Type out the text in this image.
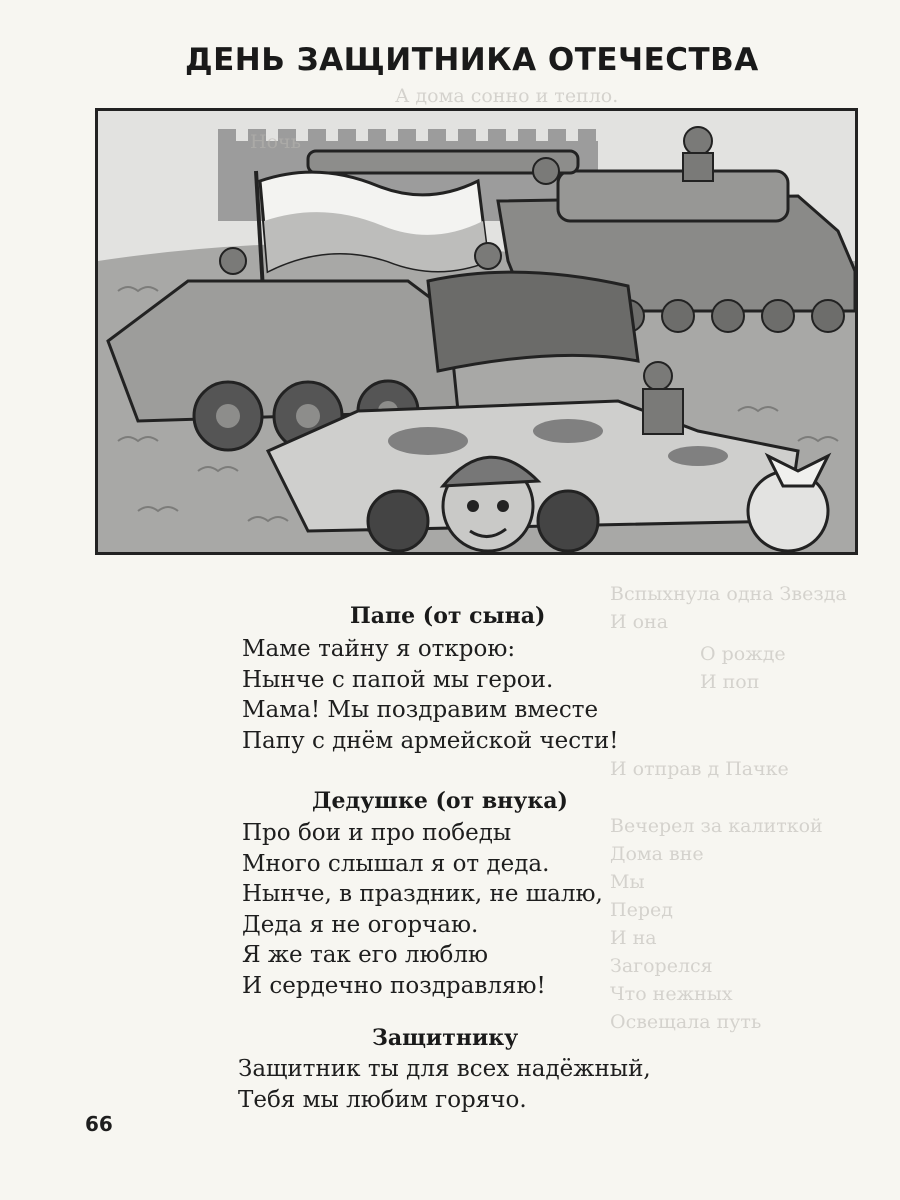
ДЕНЬ ЗАЩИТНИКА ОТЕЧЕСТВА
А дома сонно и тепло.
Ночь
Вспыхнула одна Звезда
И она
О рожде
И поп
И отправ д Пачке
Вечерел за калиткой
Дома вне
Мы
Перед
И на
Загорелся
Что нежных
Освещала путь
Папе (от сына)
Маме тайну я открою:
Нынче с папой мы герои.
Мама! Мы поздравим вместе
Папу с днём армейской чести!
Дедушке (от внука)
Про бои и про победы
Много слышал я от деда.
Нынче, в праздник, не шалю,
Деда я не огорчаю.
Я же так его люблю
И сердечно поздравляю!
Защитнику
Защитник ты для всех надёжный,
Тебя мы любим горячо.
66
